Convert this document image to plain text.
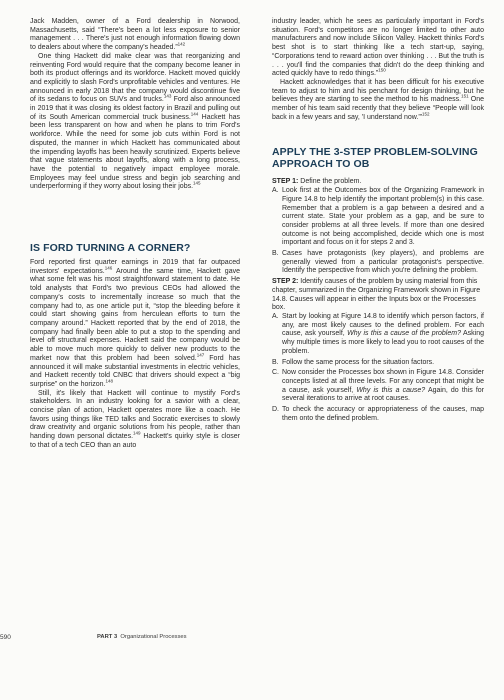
Jack Madden, owner of a Ford dealership in Norwood, Massachusetts, said “There's been a lot less exposure to senior management . . . There's just not enough information flowing down to dealers about where the company's headed.”$^{142}$

One thing Hackett did make clear was that reorganizing and reinventing Ford would require that the company become leaner in both its product offerings and its workforce. Hackett moved quickly and explicitly to slash Ford's unprofitable vehicles and ventures. He announced in early 2018 that the company would discontinue five of its sedans to focus on SUVs and trucks.$^{143}$ Ford also announced in 2019 that it was closing its oldest factory in Brazil and pulling out of its South American commercial truck business.$^{144}$ Hackett has been less transparent on how and when he plans to trim Ford's workforce. While the need for some job cuts within Ford is not disputed, the manner in which Hackett has communicated about the impending layoffs has been heavily scrutinized. Experts believe that vague statements about layoffs, along with a long process, have the potential to negatively impact employee morale. Employees may feel undue stress and begin job searching and underperforming if they worry about losing their jobs.$^{145}$

IS FORD TURNING A CORNER?

Ford reported first quarter earnings in 2019 that far outpaced investors' expectations.$^{146}$ Around the same time, Hackett gave what some felt was his most straightforward statement to date. He told analysts that Ford's two previous CEOs had allowed the company's costs to incrementally increase so much that the company had to, as one article put it, “stop the bleeding before it could start showing gains from herculean efforts to turn the company around.” Hackett reported that by the end of 2018, the company had finally been able to put a stop to the spending and level off structural expenses. Hackett said the company would be able to move much more quickly to deliver new products to the market now that this problem had been solved.$^{147}$ Ford has announced it will make substantial investments in electric vehicles, and Hackett recently told CNBC that drivers should expect a “big surprise” on the horizon.$^{148}$

Still, it's likely that Hackett will continue to mystify Ford's stakeholders. In an industry looking for a savior with a clear, concise plan of action, Hackett operates more like a coach. He favors using things like TED talks and Socratic exercises to slowly draw creativity and organic solutions from his people, rather than handing down personal dictates.$^{149}$ Hackett's quirky style is closer to that of a tech CEO than an auto

industry leader, which he sees as particularly important in Ford's situation. Ford's competitors are no longer limited to other auto manufacturers and now include Silicon Valley. Hackett thinks Ford's best shot is to start thinking like a tech start-up, saying, “Corporations tend to reward action over thinking . . . But the truth is . . . you'll find the companies that didn't do the deep thinking and acted quickly have to redo things.”$^{150}$

Hackett acknowledges that it has been difficult for his executive team to adjust to him and his penchant for design thinking, but he believes they are starting to see the method to his madness.$^{151}$ One member of his team said recently that they believe “People will look back in a few years and say, 'I understand now.'”$^{152}$

APPLY THE 3-STEP PROBLEM-SOLVING APPROACH TO OB

STEP 1: Define the problem.

A. Look first at the Outcomes box of the Organizing Framework in Figure 14.8 to help identify the important problem(s) in this case. Remember that a problem is a gap between a desired and a current state. State your problem as a gap, and be sure to consider problems at all three levels. If more than one desired outcome is not being accomplished, decide which one is most important and focus on it for steps 2 and 3.
B. Cases have protagonists (key players), and problems are generally viewed from a particular protagonist's perspective. Identify the perspective from which you're defining the problem.

STEP 2: Identify causes of the problem by using material from this chapter, summarized in the Organizing Framework shown in Figure 14.8. Causes will appear in either the Inputs box or the Processes box.

A. Start by looking at Figure 14.8 to identify which person factors, if any, are most likely causes to the defined problem. For each cause, ask yourself, Why is this a cause of the problem? Asking why multiple times is more likely to lead you to root causes of the problem.
B. Follow the same process for the situation factors.
C. Now consider the Processes box shown in Figure 14.8. Consider concepts listed at all three levels. For any concept that might be a cause, ask yourself, Why is this a cause? Again, do this for several iterations to arrive at root causes.
D. To check the accuracy or appropriateness of the causes, map them onto the defined problem.
590	PART 3 Organizational Processes
